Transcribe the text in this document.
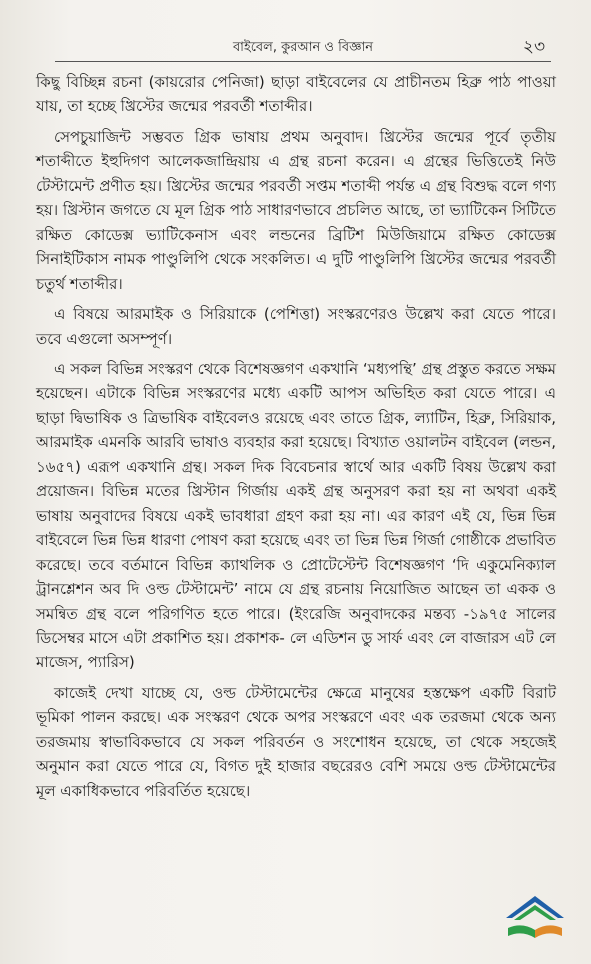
বাইবেল, কুরআন ও বিজ্ঞান	২৩

কিছু বিচ্ছিন্ন রচনা (কায়রোর পেনিজা) ছাড়া বাইবেলের যে প্রাচীনতম হিব্রু পাঠ পাওয়া যায়, তা হচ্ছে খ্রিস্টের জন্মের পরবর্তী শতাব্দীর।

সেপচুয়াজিন্ট সম্ভবত গ্রিক ভাষায় প্রথম অনুবাদ। খ্রিস্টের জন্মের পূর্বে তৃতীয় শতাব্দীতে ইহুদিগণ আলেকজান্দ্রিয়ায় এ গ্রন্থ রচনা করেন। এ গ্রন্থের ভিত্তিতেই নিউ টেস্টামেন্ট প্রণীত হয়। খ্রিস্টের জন্মের পরবর্তী সপ্তম শতাব্দী পর্যন্ত এ গ্রন্থ বিশুদ্ধ বলে গণ্য হয়। খ্রিস্টান জগতে যে মূল গ্রিক পাঠ সাধারণভাবে প্রচলিত আছে, তা ভ্যাটিকেন সিটিতে রক্ষিত কোডেক্স ভ্যাটিকেনাস এবং লন্ডনের ব্রিটিশ মিউজিয়ামে রক্ষিত কোডেক্স সিনাইটিকাস নামক পাণ্ডুলিপি থেকে সংকলিত। এ দুটি পাণ্ডুলিপি খ্রিস্টের জন্মের পরবর্তী চতুর্থ শতাব্দীর।

এ বিষয়ে আরমাইক ও সিরিয়াকে (পেশিত্তা) সংস্করণেরও উল্লেখ করা যেতে পারে। তবে এগুলো অসম্পূর্ণ।

এ সকল বিভিন্ন সংস্করণ থেকে বিশেষজ্ঞগণ একখানি ‘মধ্যপন্থি’ গ্রন্থ প্রস্তুত করতে সক্ষম হয়েছেন। এটাকে বিভিন্ন সংস্করণের মধ্যে একটি আপস অভিহিত করা যেতে পারে। এ ছাড়া দ্বিভাষিক ও ত্রিভাষিক বাইবেলও রয়েছে এবং তাতে গ্রিক, ল্যাটিন, হিব্রু, সিরিয়াক, আরমাইক এমনকি আরবি ভাষাও ব্যবহার করা হয়েছে। বিখ্যাত ওয়ালটন বাইবেল (লন্ডন, ১৬৫৭) এরূপ একখানি গ্রন্থ। সকল দিক বিবেচনার স্বার্থে আর একটি বিষয় উল্লেখ করা প্রয়োজন। বিভিন্ন মতের খ্রিস্টান গির্জায় একই গ্রন্থ অনুসরণ করা হয় না অথবা একই ভাষায় অনুবাদের বিষয়ে একই ভাবধারা গ্রহণ করা হয় না। এর কারণ এই যে, ভিন্ন ভিন্ন বাইবেলে ভিন্ন ভিন্ন ধারণা পোষণ করা হয়েছে এবং তা ভিন্ন ভিন্ন গির্জা গোষ্ঠীকে প্রভাবিত করেছে। তবে বর্তমানে বিভিন্ন ক্যাথলিক ও প্রোটেস্টেন্ট বিশেষজ্ঞগণ ‘দি একুমেনিক্যাল ট্রানশ্লেশন অব দি ওল্ড টেস্টামেন্ট’ নামে যে গ্রন্থ রচনায় নিয়োজিত আছেন তা একক ও সমন্বিত গ্রন্থ বলে পরিগণিত হতে পারে। (ইংরেজি অনুবাদকের মন্তব্য -১৯৭৫ সালের ডিসেম্বর মাসে এটা প্রকাশিত হয়। প্রকাশক- লে এডিশন ডু সার্ফ এবং লে বাজারস এট লে মাজেস, প্যারিস)

কাজেই দেখা যাচ্ছে যে, ওল্ড টেস্টামেন্টের ক্ষেত্রে মানুষের হস্তক্ষেপ একটি বিরাট ভূমিকা পালন করছে। এক সংস্করণ থেকে অপর সংস্করণে এবং এক তরজমা থেকে অন্য তরজমায় স্বাভাবিকভাবে যে সকল পরিবর্তন ও সংশোধন হয়েছে, তা থেকে সহজেই অনুমান করা যেতে পারে যে, বিগত দুই হাজার বছরেরও বেশি সময়ে ওল্ড টেস্টামেন্টের মূল একাধিকভাবে পরিবর্তিত হয়েছে।
